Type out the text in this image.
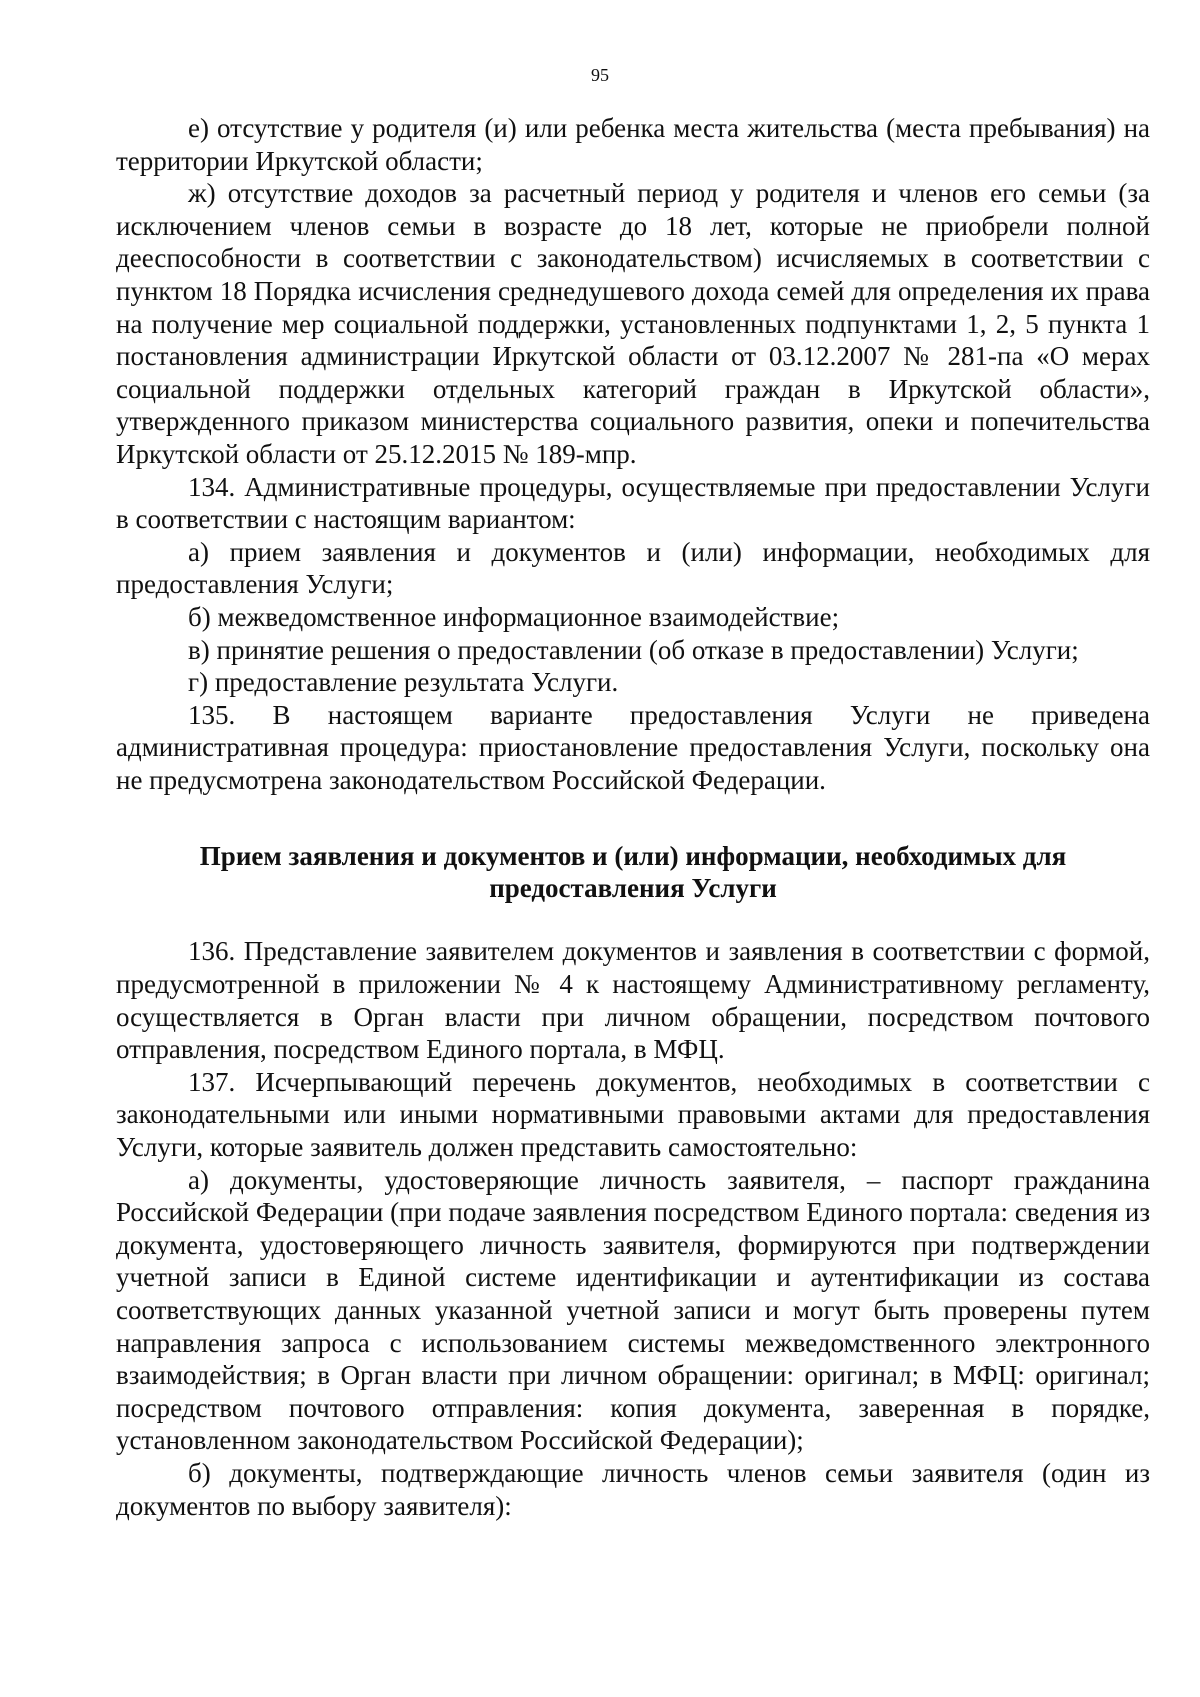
95

е) отсутствие у родителя (и) или ребенка места жительства (места пребывания) на территории Иркутской области;

ж) отсутствие доходов за расчетный период у родителя и членов его семьи (за исключением членов семьи в возрасте до 18 лет, которые не приобрели полной дееспособности в соответствии с законодательством) исчисляемых в соответствии с пунктом 18 Порядка исчисления среднедушевого дохода семей для определения их права на получение мер социальной поддержки, установленных подпунктами 1, 2, 5 пункта 1 постановления администрации Иркутской области от 03.12.2007 № 281-па «О мерах социальной поддержки отдельных категорий граждан в Иркутской области», утвержденного приказом министерства социального развития, опеки и попечительства Иркутской области от 25.12.2015 № 189-мпр.

134. Административные процедуры, осуществляемые при предоставлении Услуги в соответствии с настоящим вариантом:

а) прием заявления и документов и (или) информации, необходимых для предоставления Услуги;

б) межведомственное информационное взаимодействие;

в) принятие решения о предоставлении (об отказе в предоставлении) Услуги;

г) предоставление результата Услуги.

135. В настоящем варианте предоставления Услуги не приведена административная процедура: приостановление предоставления Услуги, поскольку она не предусмотрена законодательством Российской Федерации.

Прием заявления и документов и (или) информации, необходимых для
предоставления Услуги

136. Представление заявителем документов и заявления в соответствии с формой, предусмотренной в приложении № 4 к настоящему Административному регламенту, осуществляется в Орган власти при личном обращении, посредством почтового отправления, посредством Единого портала, в МФЦ.

137. Исчерпывающий перечень документов, необходимых в соответствии с законодательными или иными нормативными правовыми актами для предоставления Услуги, которые заявитель должен представить самостоятельно:

а) документы, удостоверяющие личность заявителя, – паспорт гражданина Российской Федерации (при подаче заявления посредством Единого портала: сведения из документа, удостоверяющего личность заявителя, формируются при подтверждении учетной записи в Единой системе идентификации и аутентификации из состава соответствующих данных указанной учетной записи и могут быть проверены путем направления запроса с использованием системы межведомственного электронного взаимодействия; в Орган власти при личном обращении: оригинал; в МФЦ: оригинал; посредством почтового отправления: копия документа, заверенная в порядке, установленном законодательством Российской Федерации);

б) документы, подтверждающие личность членов семьи заявителя (один из документов по выбору заявителя):
